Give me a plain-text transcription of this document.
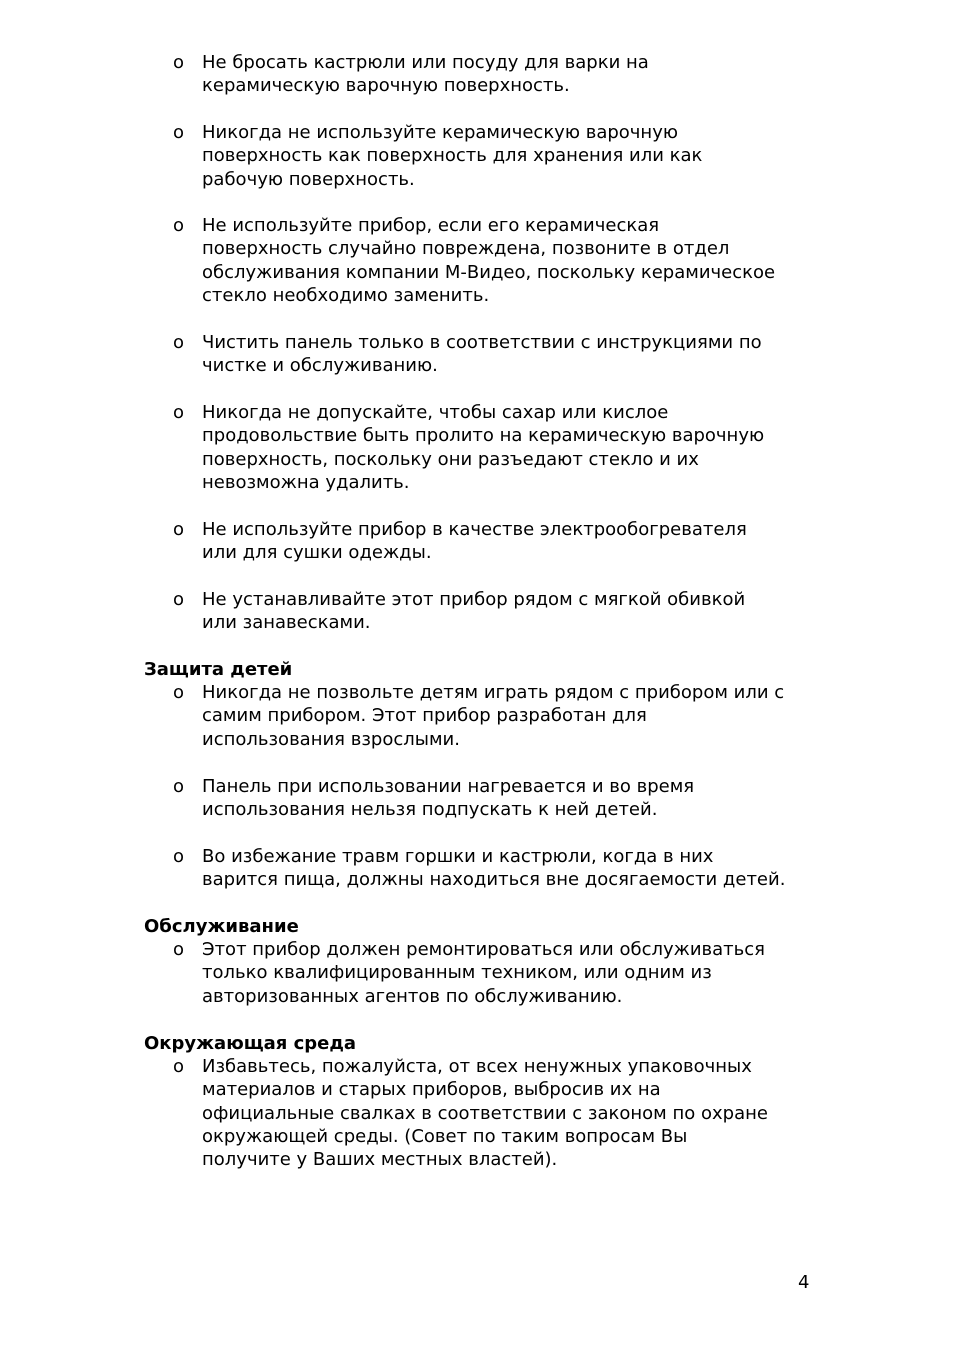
o Не бросать кастрюли или посуду для варки на
керамическую варочную поверхность.
o Никогда не используйте керамическую варочную
поверхность как поверхность для хранения или как
рабочую поверхность.
o Не используйте прибор, если его керамическая
поверхность случайно повреждена, позвоните в отдел
обслуживания компании М-Видео, поскольку керамическое
стекло необходимо заменить.
o Чистить панель только в соответствии с инструкциями по
чистке и обслуживанию.
o Никогда не допускайте, чтобы сахар или кислое
продовольствие быть пролито на керамическую варочную
поверхность, поскольку они разъедают стекло и их
невозможна удалить.
o Не используйте прибор в качестве электрообогревателя
или для сушки одежды.
o Не устанавливайте этот прибор рядом с мягкой обивкой
или занавесками.
Защита детей
o Никогда не позвольте детям играть рядом с прибором или с
самим прибором. Этот прибор разработан для
использования взрослыми.
o Панель при использовании нагревается и во время
использования нельзя подпускать к ней детей.
o Во избежание травм горшки и кастрюли, когда в них
варится пища, должны находиться вне досягаемости детей.
Обслуживание
o Этот прибор должен ремонтироваться или обслуживаться
только квалифицированным техником, или одним из
авторизованных агентов по обслуживанию.
Окружающая среда
o Избавьтесь, пожалуйста, от всех ненужных упаковочных
материалов и старых приборов, выбросив их на
официальные свалках в соответствии с законом по охране
окружающей среды. (Совет по таким вопросам Вы
получите у Ваших местных властей).
4
